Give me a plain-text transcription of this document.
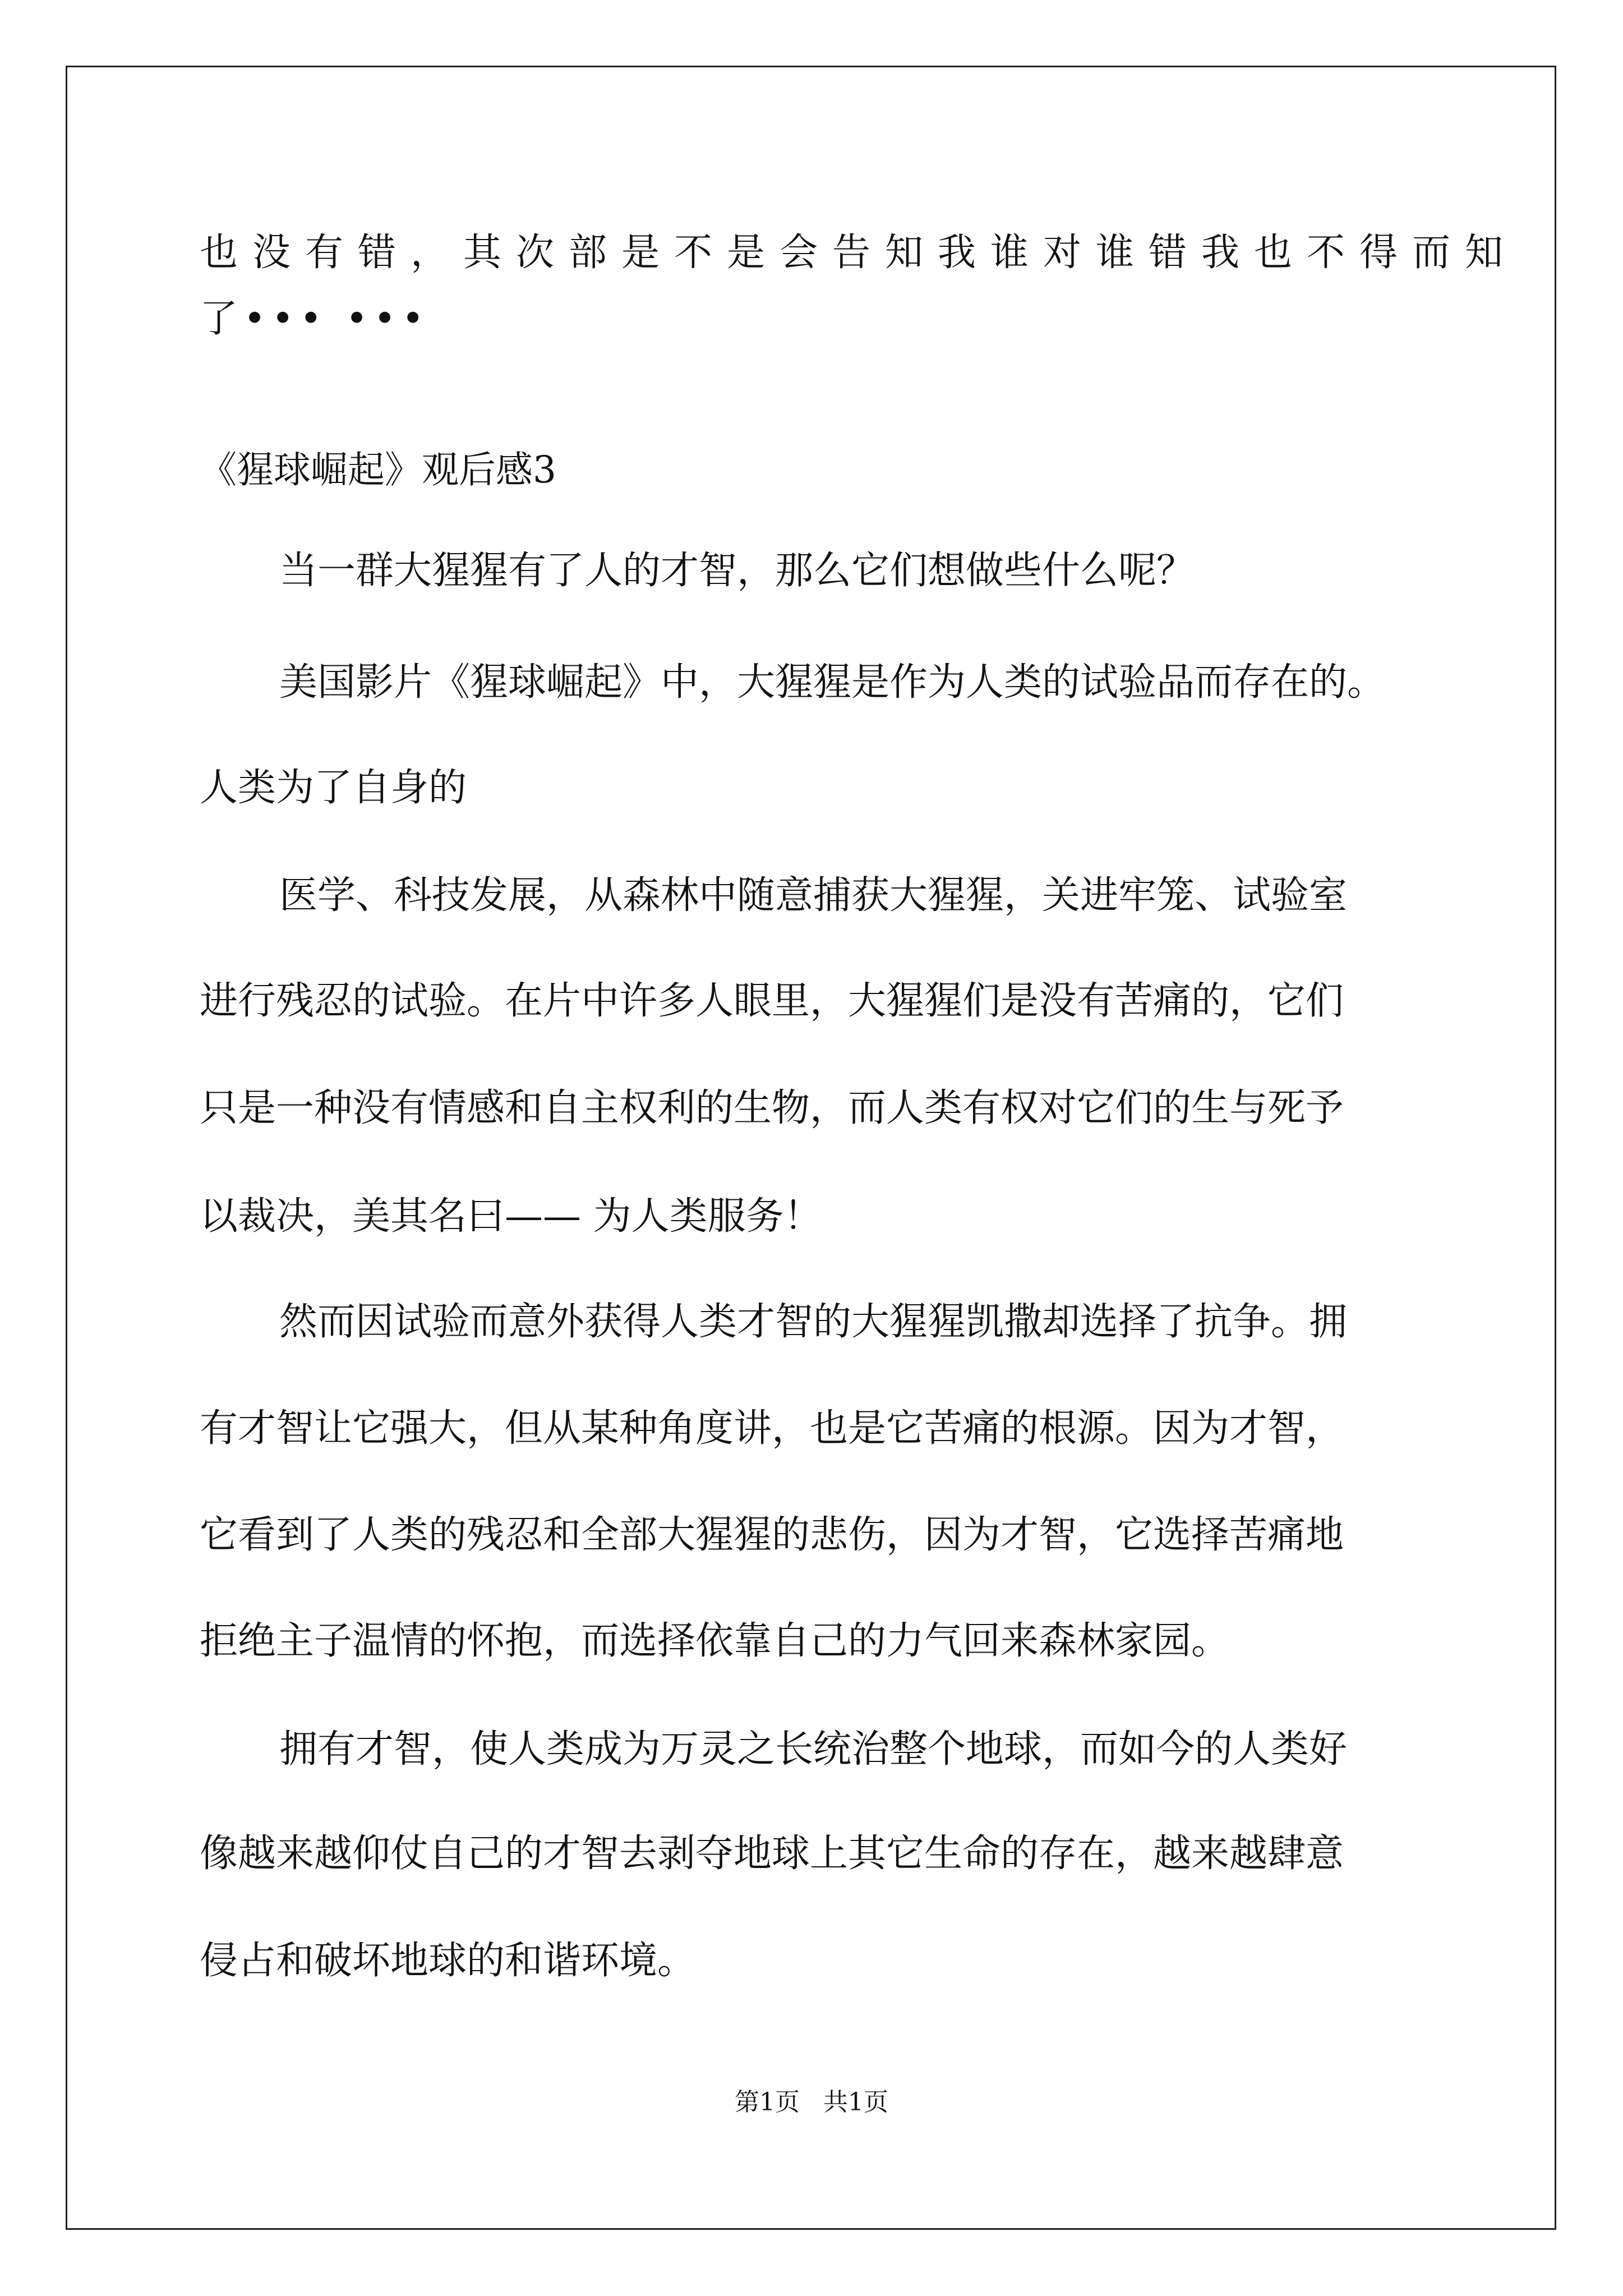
也没有错，其次部是不是会告知我谁对谁错我也不得而知
了••• •••
《猩球崛起》观后感3
当一群大猩猩有了人的才智，那么它们想做些什么呢？
美国影片《猩球崛起》中，大猩猩是作为人类的试验品而存在的。
人类为了自身的
医学、科技发展，从森林中随意捕获大猩猩，关进牢笼、试验室
进行残忍的试验。在片中许多人眼里，大猩猩们是没有苦痛的，它们
只是一种没有情感和自主权利的生物，而人类有权对它们的生与死予
以裁决，美其名曰—— 为人类服务！
然而因试验而意外获得人类才智的大猩猩凯撒却选择了抗争。拥
有才智让它强大，但从某种角度讲，也是它苦痛的根源。因为才智，
它看到了人类的残忍和全部大猩猩的悲伤，因为才智，它选择苦痛地
拒绝主子温情的怀抱，而选择依靠自己的力气回来森林家园。
拥有才智，使人类成为万灵之长统治整个地球，而如今的人类好
像越来越仰仗自己的才智去剥夺地球上其它生命的存在，越来越肆意
侵占和破坏地球的和谐环境。
第1页   共1页
